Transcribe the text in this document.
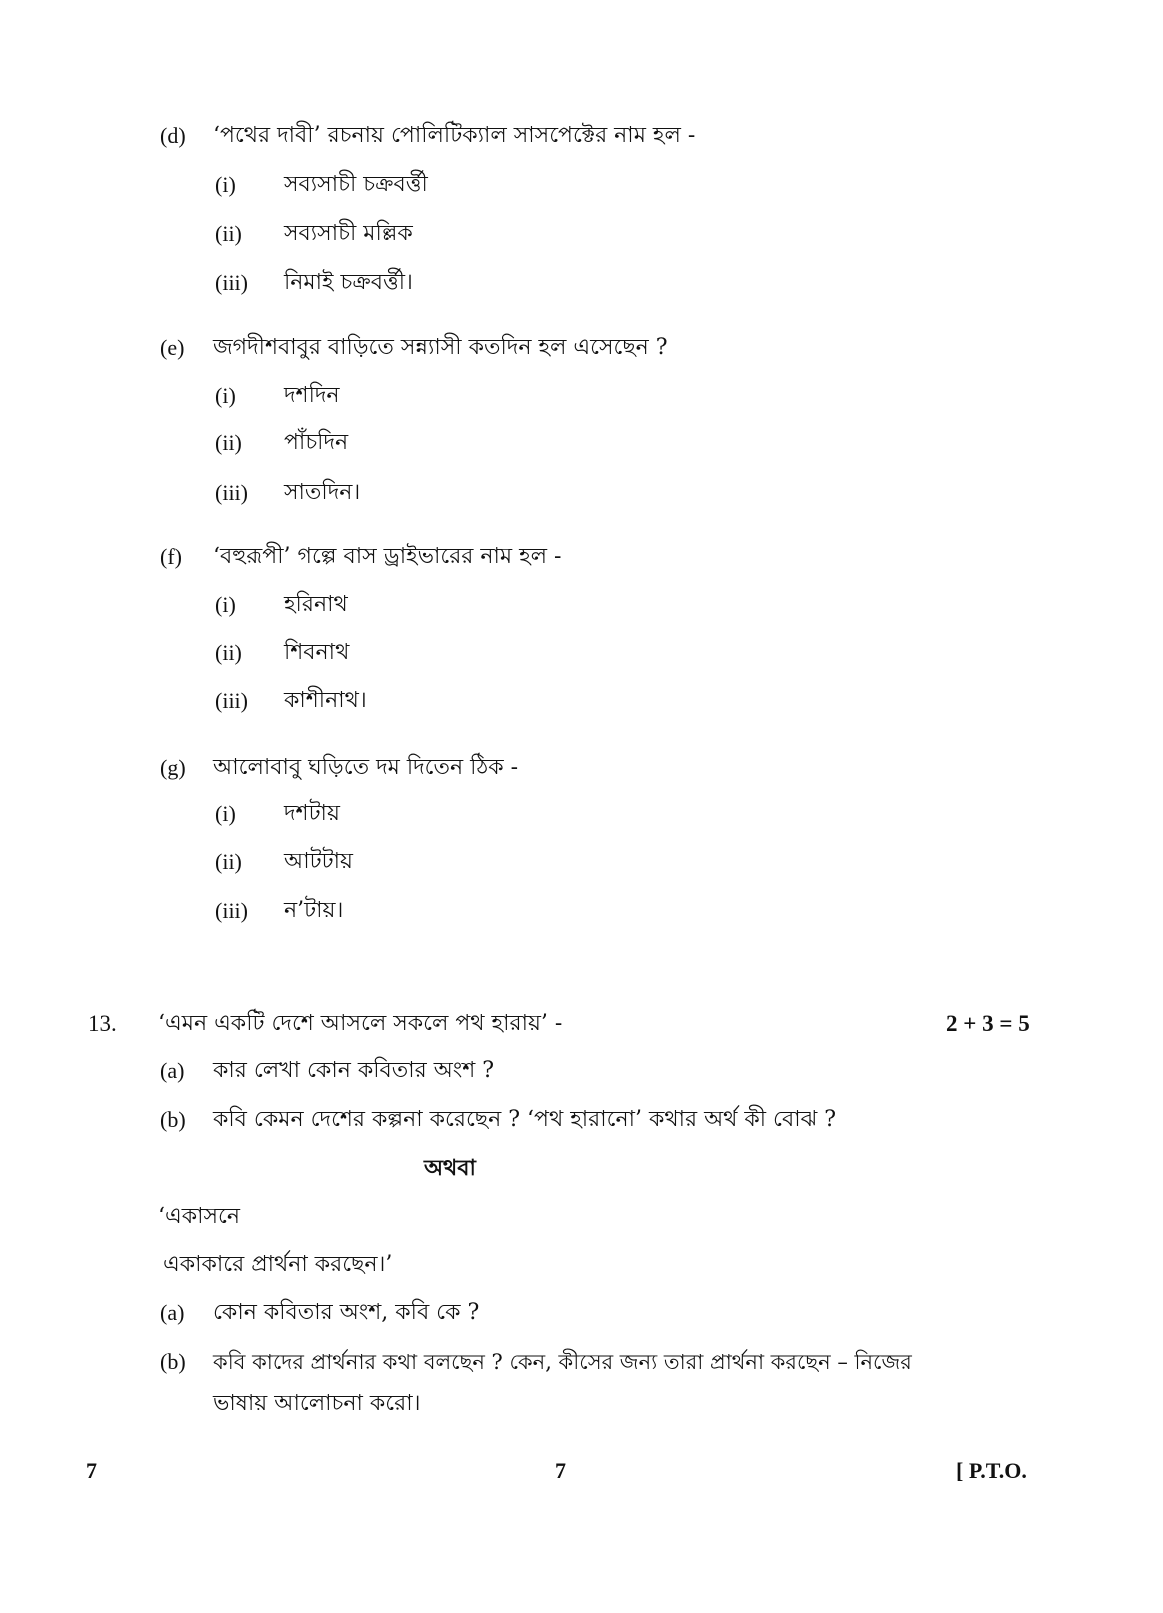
(d) ‘পথের দাবী’ রচনায় পোলিটিক্যাল সাসপেক্টের নাম হল -
(i) সব্যসাচী চক্রবর্ত্তী
(ii) সব্যসাচী মল্লিক
(iii) নিমাই চক্রবর্ত্তী।
(e) জগদীশবাবুর বাড়িতে সন্ন্যাসী কতদিন হল এসেছেন ?
(i) দশদিন
(ii) পাঁচদিন
(iii) সাতদিন।
(f) ‘বহুরূপী’ গল্পে বাস ড্রাইভারের নাম হল -
(i) হরিনাথ
(ii) শিবনাথ
(iii) কাশীনাথ।
(g) আলোবাবু ঘড়িতে দম দিতেন ঠিক -
(i) দশটায়
(ii) আটটায়
(iii) ন’টায়।
13. ‘এমন একটি দেশে আসলে সকলে পথ হারায়’ -	2 + 3 = 5
(a) কার লেখা কোন কবিতার অংশ ?
(b) কবি কেমন দেশের কল্পনা করেছেন ? ‘পথ হারানো’ কথার অর্থ কী বোঝ ?
অথবা
‘একাসনে
একাকারে প্রার্থনা করছেন।’
(a) কোন কবিতার অংশ, কবি কে ?
(b) কবি কাদের প্রার্থনার কথা বলছেন ? কেন, কীসের জন্য তারা প্রার্থনা করছেন – নিজের
ভাষায় আলোচনা করো।
7	7	[ P.T.O.
